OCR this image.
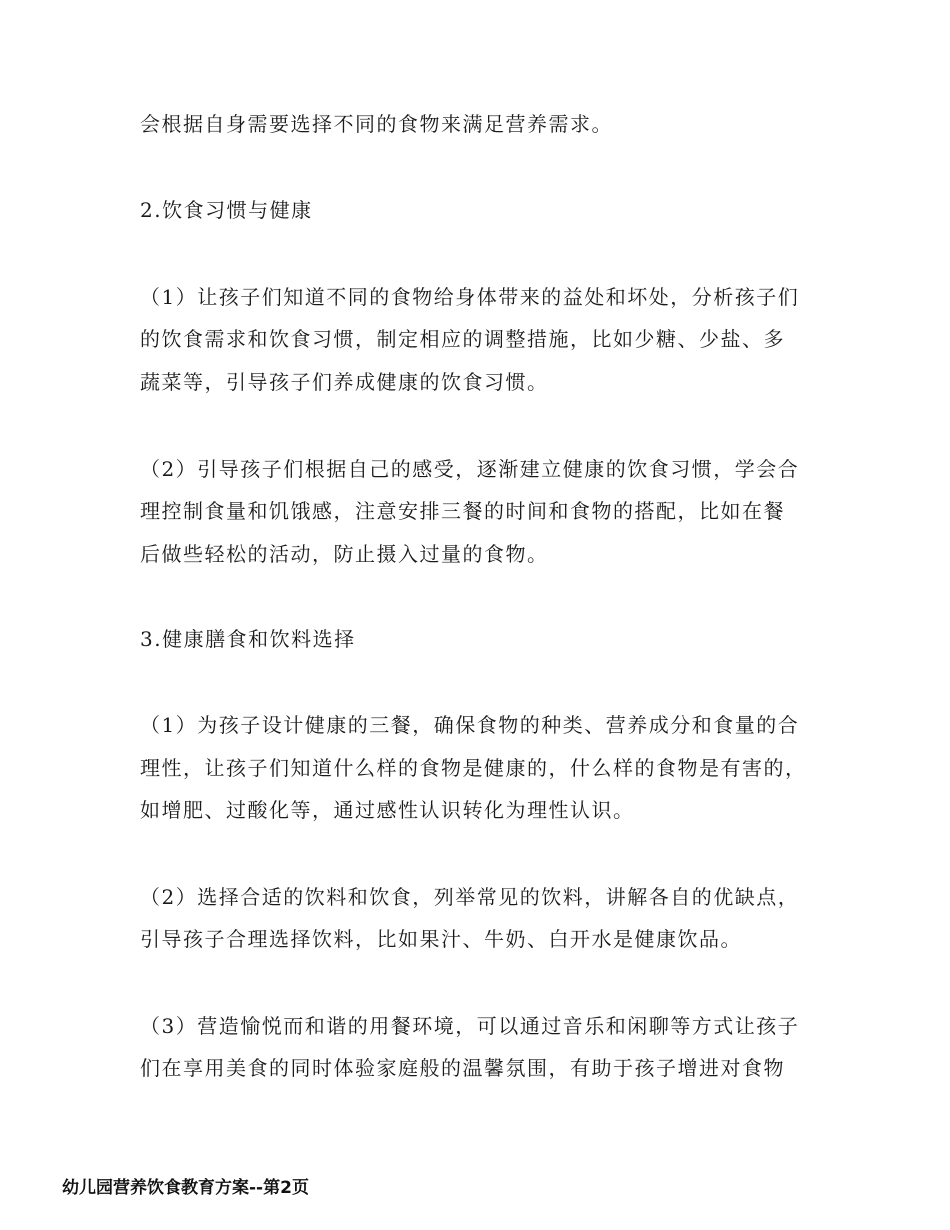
会根据自身需要选择不同的食物来满足营养需求。
2.饮食习惯与健康
（1）让孩子们知道不同的食物给身体带来的益处和坏处，分析孩子们
的饮食需求和饮食习惯，制定相应的调整措施，比如少糖、少盐、多
蔬菜等，引导孩子们养成健康的饮食习惯。
（2）引导孩子们根据自己的感受，逐渐建立健康的饮食习惯，学会合
理控制食量和饥饿感，注意安排三餐的时间和食物的搭配，比如在餐
后做些轻松的活动，防止摄入过量的食物。
3.健康膳食和饮料选择
（1）为孩子设计健康的三餐，确保食物的种类、营养成分和食量的合
理性，让孩子们知道什么样的食物是健康的，什么样的食物是有害的，
如增肥、过酸化等，通过感性认识转化为理性认识。
（2）选择合适的饮料和饮食，列举常见的饮料，讲解各自的优缺点，
引导孩子合理选择饮料，比如果汁、牛奶、白开水是健康饮品。
（3）营造愉悦而和谐的用餐环境，可以通过音乐和闲聊等方式让孩子
们在享用美食的同时体验家庭般的温馨氛围，有助于孩子增进对食物
幼儿园营养饮食教育方案--第2页
